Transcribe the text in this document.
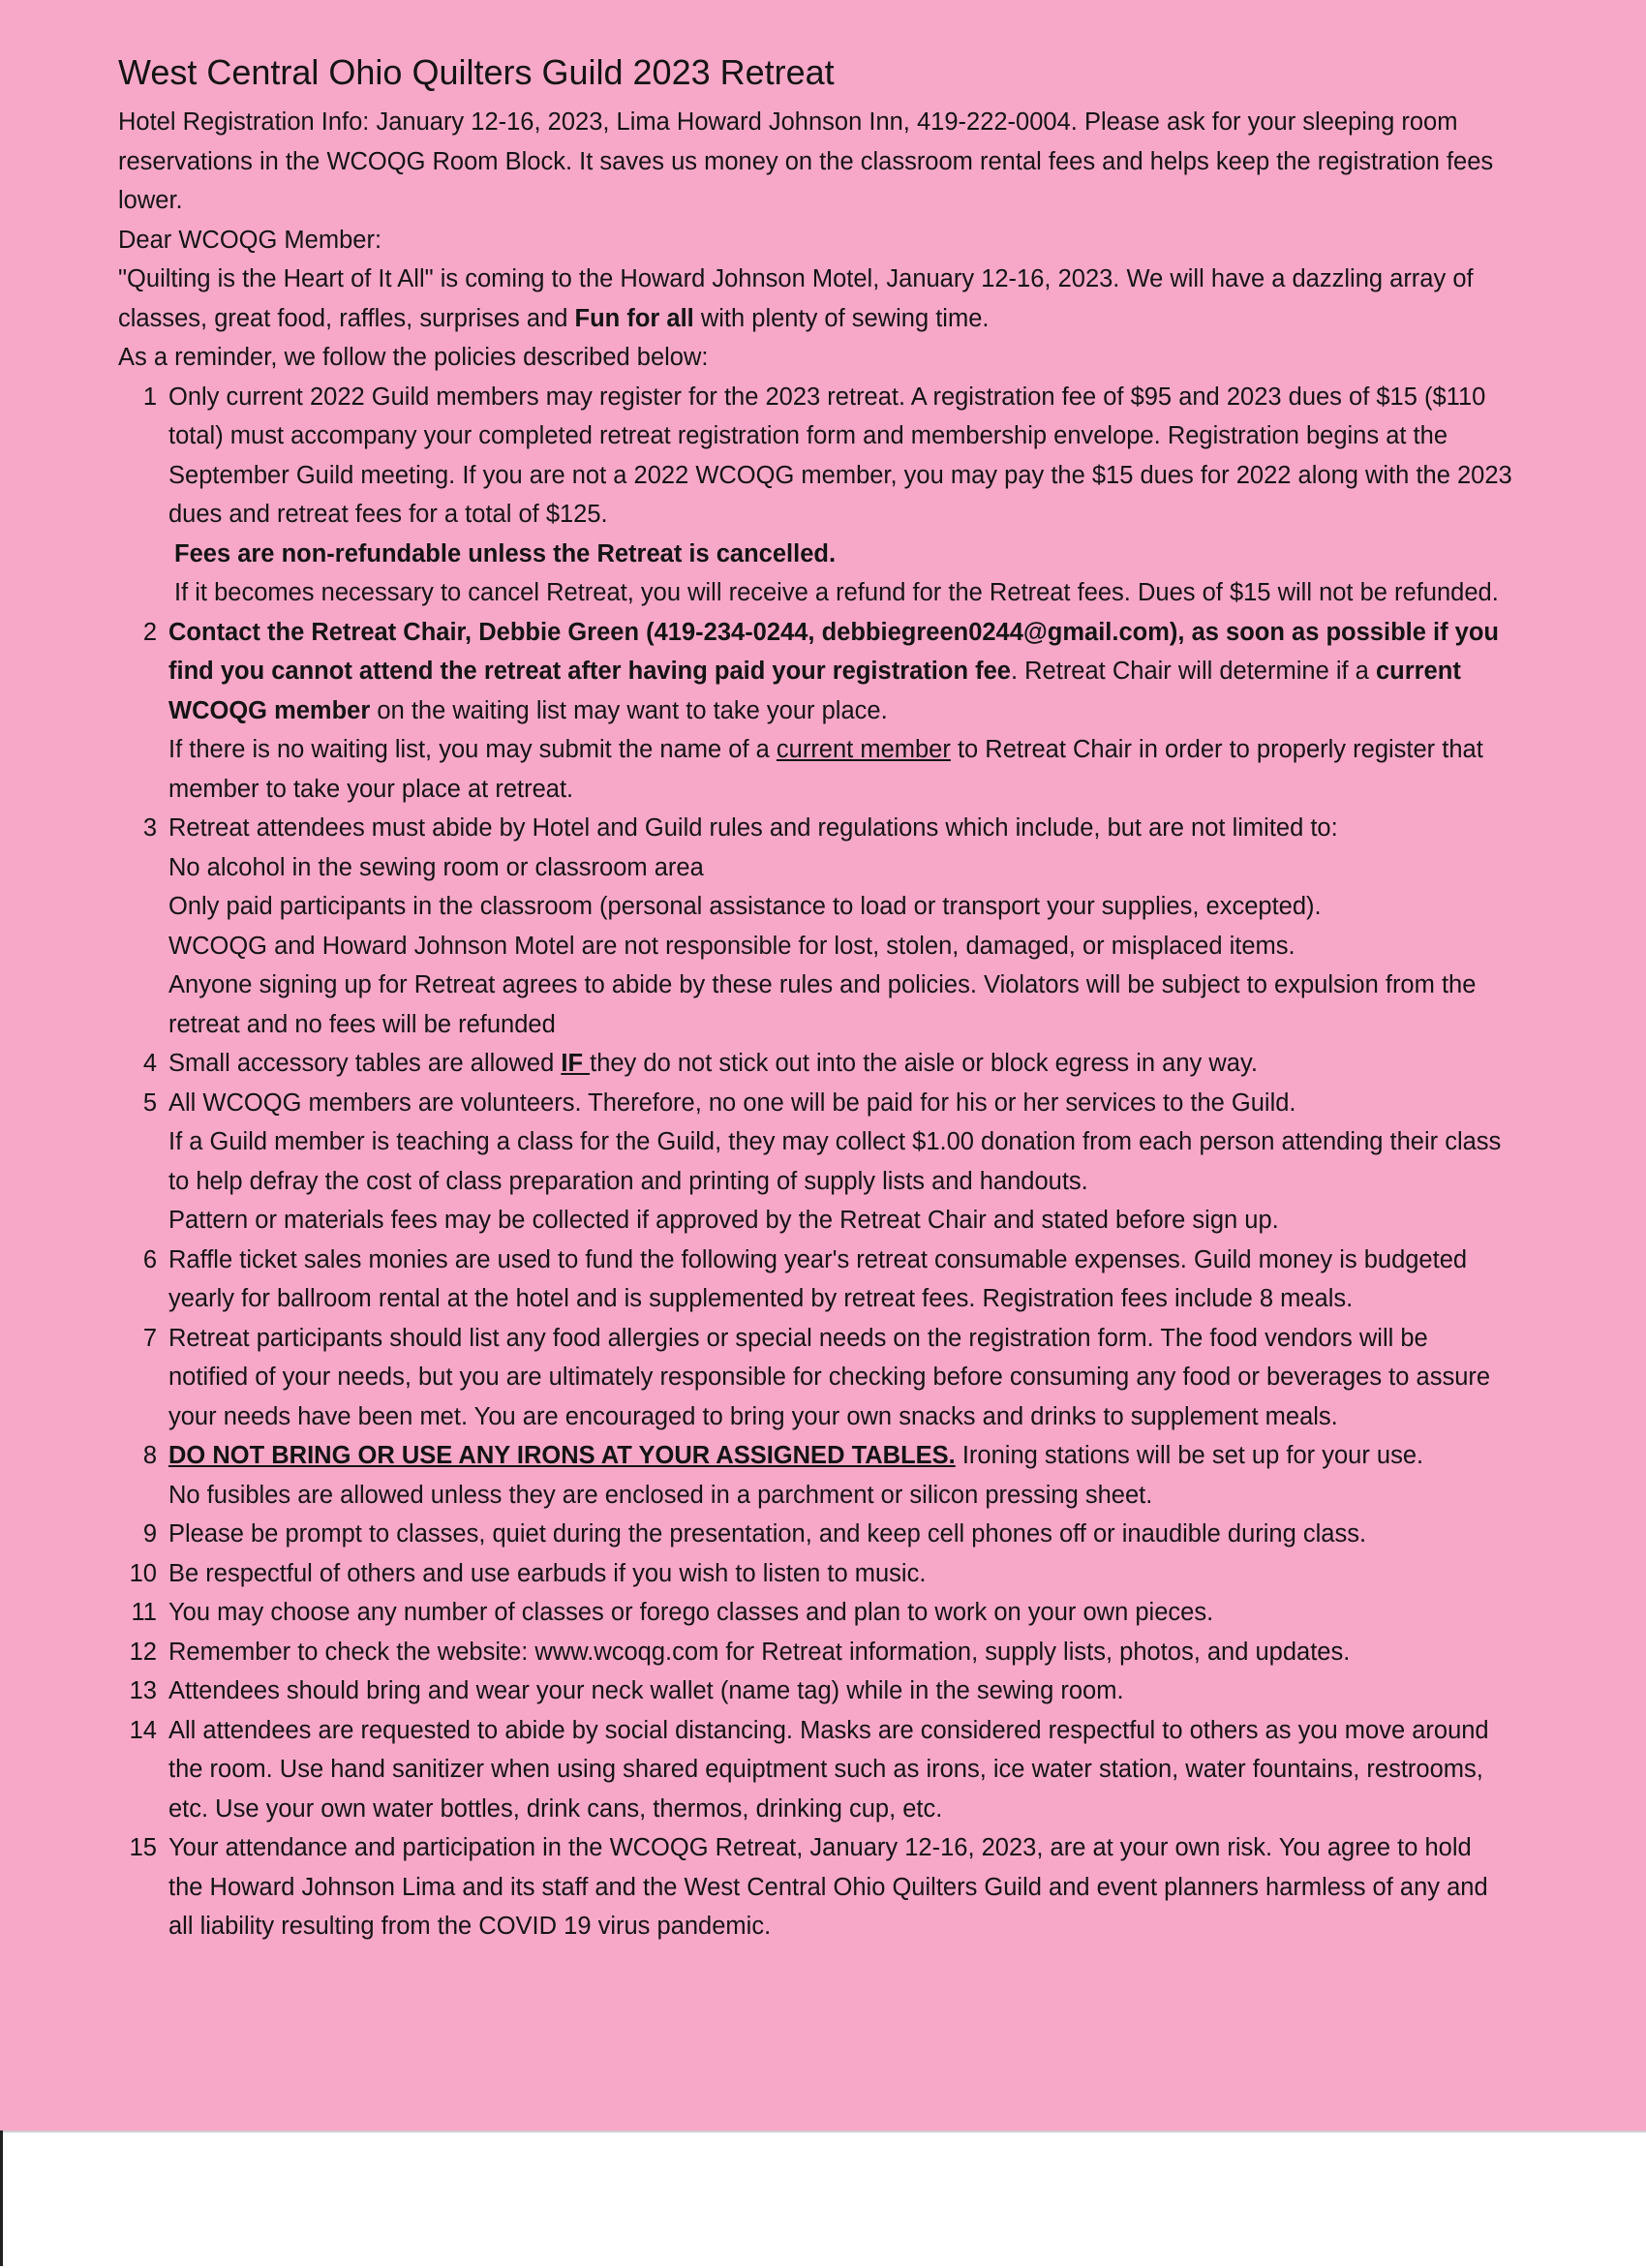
West Central Ohio Quilters Guild 2023 Retreat

Hotel Registration Info: January 12-16, 2023, Lima Howard Johnson Inn, 419-222-0004. Please ask for your sleeping room reservations in the WCOQG Room Block. It saves us money on the classroom rental fees and helps keep the registration fees lower.

Dear WCOQG Member:

"Quilting is the Heart of It All" is coming to the Howard Johnson Motel, January 12-16, 2023. We will have a dazzling array of classes, great food, raffles, surprises and Fun for all with plenty of sewing time.

As a reminder, we follow the policies described below:

1 Only current 2022 Guild members may register for the 2023 retreat. A registration fee of $95 and 2023 dues of $15 ($110 total) must accompany your completed retreat registration form and membership envelope. Registration begins at the September Guild meeting. If you are not a 2022 WCOQG member, you may pay the $15 dues for 2022 along with the 2023 dues and retreat fees for a total of $125.
Fees are non-refundable unless the Retreat is cancelled.
If it becomes necessary to cancel Retreat, you will receive a refund for the Retreat fees. Dues of $15 will not be refunded.
2 Contact the Retreat Chair, Debbie Green (419-234-0244, debbiegreen0244@gmail.com), as soon as possible if you find you cannot attend the retreat after having paid your registration fee. Retreat Chair will determine if a current WCOQG member on the waiting list may want to take your place.
If there is no waiting list, you may submit the name of a current member to Retreat Chair in order to properly register that member to take your place at retreat.
3 Retreat attendees must abide by Hotel and Guild rules and regulations which include, but are not limited to:
No alcohol in the sewing room or classroom area
Only paid participants in the classroom (personal assistance to load or transport your supplies, excepted).
WCOQG and Howard Johnson Motel are not responsible for lost, stolen, damaged, or misplaced items.
Anyone signing up for Retreat agrees to abide by these rules and policies. Violators will be subject to expulsion from the retreat and no fees will be refunded
4 Small accessory tables are allowed IF they do not stick out into the aisle or block egress in any way.
5 All WCOQG members are volunteers. Therefore, no one will be paid for his or her services to the Guild.
If a Guild member is teaching a class for the Guild, they may collect $1.00 donation from each person attending their class to help defray the cost of class preparation and printing of supply lists and handouts.
Pattern or materials fees may be collected if approved by the Retreat Chair and stated before sign up.
6 Raffle ticket sales monies are used to fund the following year's retreat consumable expenses. Guild money is budgeted yearly for ballroom rental at the hotel and is supplemented by retreat fees. Registration fees include 8 meals.
7 Retreat participants should list any food allergies or special needs on the registration form. The food vendors will be notified of your needs, but you are ultimately responsible for checking before consuming any food or beverages to assure your needs have been met. You are encouraged to bring your own snacks and drinks to supplement meals.
8 DO NOT BRING OR USE ANY IRONS AT YOUR ASSIGNED TABLES. Ironing stations will be set up for your use.
No fusibles are allowed unless they are enclosed in a parchment or silicon pressing sheet.
9 Please be prompt to classes, quiet during the presentation, and keep cell phones off or inaudible during class.
10 Be respectful of others and use earbuds if you wish to listen to music.
11 You may choose any number of classes or forego classes and plan to work on your own pieces.
12 Remember to check the website: www.wcoqg.com for Retreat information, supply lists, photos, and updates.
13 Attendees should bring and wear your neck wallet (name tag) while in the sewing room.
14 All attendees are requested to abide by social distancing. Masks are considered respectful to others as you move around the room. Use hand sanitizer when using shared equiptment such as irons, ice water station, water fountains, restrooms, etc. Use your own water bottles, drink cans, thermos, drinking cup, etc.
15 Your attendance and participation in the WCOQG Retreat, January 12-16, 2023, are at your own risk. You agree to hold the Howard Johnson Lima and its staff and the West Central Ohio Quilters Guild and event planners harmless of any and all liability resulting from the COVID 19 virus pandemic.
